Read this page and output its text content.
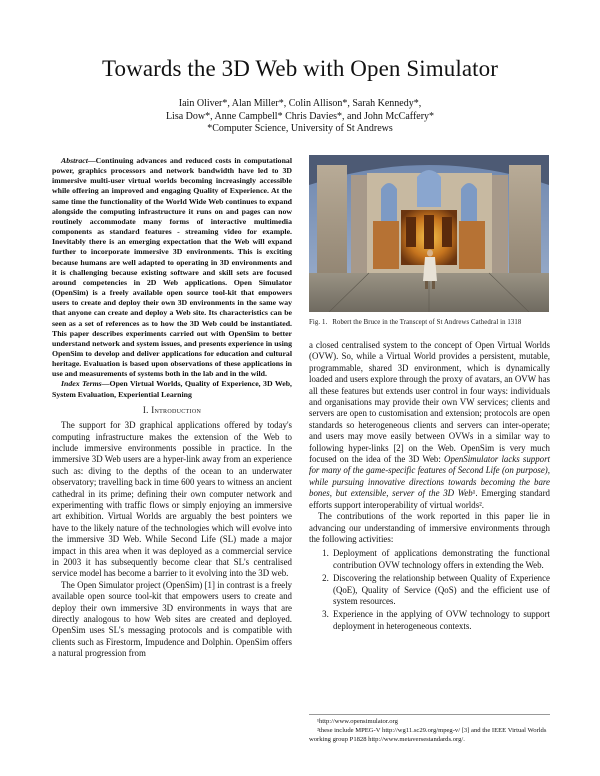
Towards the 3D Web with Open Simulator
Iain Oliver*, Alan Miller*, Colin Allison*, Sarah Kennedy*,
Lisa Dow*, Anne Campbell* Chris Davies*, and John McCaffery*
*Computer Science, University of St Andrews

Abstract—Continuing advances and reduced costs in computational power, graphics processors and network bandwidth have led to 3D immersive multi-user virtual worlds becoming increasingly accessible while offering an improved and engaging Quality of Experience. At the same time the functionality of the World Wide Web continues to expand alongside the computing infrastructure it runs on and pages can now routinely accommodate many forms of interactive multimedia components as standard features - streaming video for example. Inevitably there is an emerging expectation that the Web will expand further to incorporate immersive 3D environments. This is exciting because humans are well adapted to operating in 3D environments and it is challenging because existing software and skill sets are focused around competencies in 2D Web applications. Open Simulator (OpenSim) is a freely available open source tool-kit that empowers users to create and deploy their own 3D environments in the same way that anyone can create and deploy a Web site. Its characteristics can be seen as a set of references as to how the 3D Web could be instantiated. This paper describes experiments carried out with OpenSim to better understand network and system issues, and presents experience in using OpenSim to develop and deliver applications for education and cultural heritage. Evaluation is based upon observations of these applications in use and measurements of systems both in the lab and in the wild.

Index Terms—Open Virtual Worlds, Quality of Experience, 3D Web, System Evaluation, Experiential Learning

I. Introduction

The support for 3D graphical applications offered by today's computing infrastructure makes the extension of the Web to include immersive environments possible in practice. In the immersive 3D Web users are a hyper-link away from an experience such as: diving to the depths of the ocean to an underwater observatory; travelling back in time 600 years to witness an ancient cathedral in its prime; defining their own computer network and experimenting with traffic flows or simply enjoying an immersive art exhibition. Virtual Worlds are arguably the best pointers we have to the likely nature of the technologies which will evolve into the immersive 3D Web. While Second Life (SL) made a major impact in this area when it was deployed as a commercial service in 2003 it has subsequently become clear that SL's centralised service model has become a barrier to it evolving into the 3D web.

The Open Simulator project (OpenSim) [1] in contrast is a freely available open source tool-kit that empowers users to create and deploy their own immersive 3D environments in ways that are directly analogous to how Web sites are created and deployed. OpenSim uses SL's messaging protocols and is compatible with clients such as Firestorm, Impudence and Dolphin. OpenSim offers a natural progression from

Fig. 1. Robert the Bruce in the Transcept of St Andrews Cathedral in 1318

a closed centralised system to the concept of Open Virtual Worlds (OVW). So, while a Virtual World provides a persistent, mutable, programmable, shared 3D environment, which is dynamically loaded and users explore through the proxy of avatars, an OVW has all these features but extends user control in four ways: individuals and organisations may provide their own VW services; clients and servers are open to customisation and extension; protocols are open standards so heterogeneous clients and servers can inter-operate; and users may move easily between OVWs in a similar way to following hyper-links [2] on the Web. OpenSim is very much focused on the idea of the 3D Web: OpenSimulator lacks support for many of the game-specific features of Second Life (on purpose), while pursuing innovative directions towards becoming the bare bones, but extensible, server of the 3D Web¹. Emerging standard efforts support interoperability of virtual worlds².

The contributions of the work reported in this paper lie in advancing our understanding of immersive environments through the following activities:

1. Deployment of applications demonstrating the functional contribution OVW technology offers in extending the Web.
2. Discovering the relationship between Quality of Experience (QoE), Quality of Service (QoS) and the efficient use of system resources.
3. Experience in the applying of OVW technology to support deployment in heterogeneous contexts.
¹http://www.opensimulator.org
²these include MPEG-V http://wg11.sc29.org/mpeg-v/ [3] and the IEEE Virtual Worlds working group P1828 http://www.metaversestandards.org/.
